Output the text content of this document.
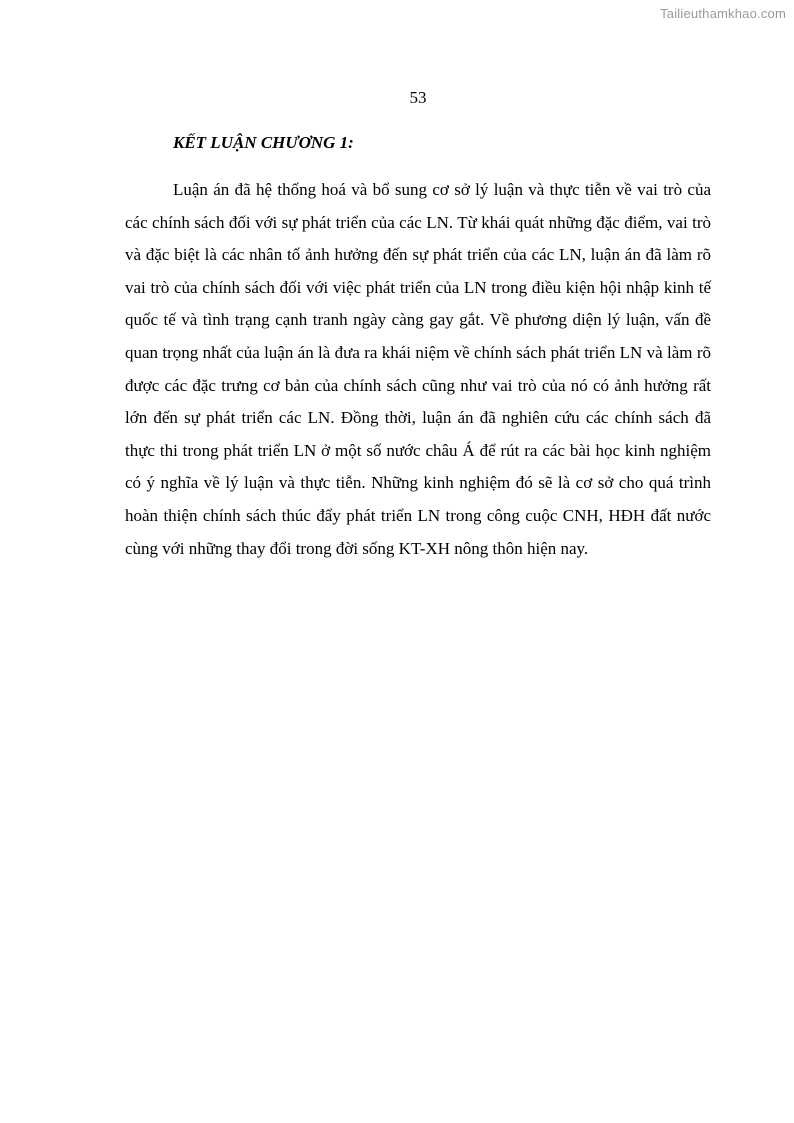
Tailieuthamkhao.com
53
KẾT LUẬN CHƯƠNG 1:

Luận án đã hệ thống hoá và bổ sung cơ sở lý luận và thực tiễn về vai trò của các chính sách đối với sự phát triển của các LN. Từ khái quát những đặc điểm, vai trò và đặc biệt là các nhân tố ảnh hưởng đến sự phát triển của các LN, luận án đã làm rõ vai trò của chính sách đối với việc phát triển của LN trong điều kiện hội nhập kinh tế quốc tế và tình trạng cạnh tranh ngày càng gay gắt. Về phương diện lý luận, vấn đề quan trọng nhất của luận án là đưa ra khái niệm về chính sách phát triển LN và làm rõ được các đặc trưng cơ bản của chính sách cũng như vai trò của nó có ảnh hưởng rất lớn đến sự phát triển các LN. Đồng thời, luận án đã nghiên cứu các chính sách đã thực thi trong phát triển LN ở một số nước châu Á để rút ra các bài học kinh nghiệm có ý nghĩa về lý luận và thực tiễn. Những kinh nghiệm đó sẽ là cơ sở cho quá trình hoàn thiện chính sách thúc đẩy phát triển LN trong công cuộc CNH, HĐH đất nước cùng với những thay đổi trong đời sống KT-XH nông thôn hiện nay.
